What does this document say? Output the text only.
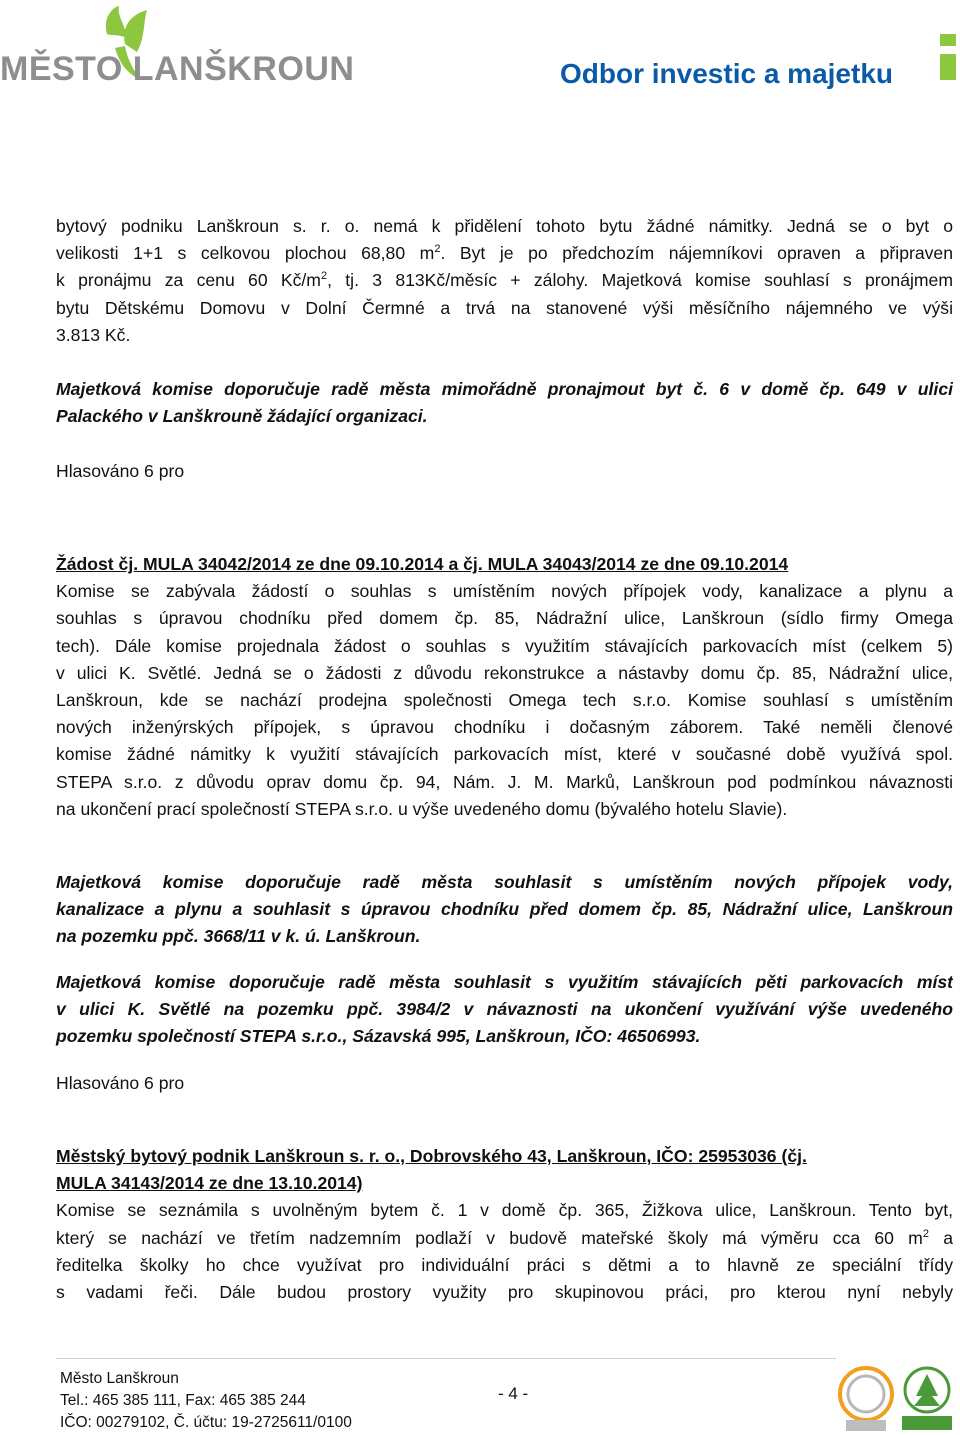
MĚSTO LANŠKROUN	Odbor investic a majetku
bytový podniku Lanškroun s. r. o. nemá k přidělení tohoto bytu žádné námitky. Jedná se o byt o
velikosti 1+1 s celkovou plochou 68,80 $m^2$. Byt je po předchozím nájemníkovi opraven a připraven
k pronájmu za cenu 60 $Kč/m^2$, tj. 3 813Kč/měsíc + zálohy. Majetková komise souhlasí s pronájmem
bytu Dětskému Domovu v Dolní Čermné a trvá na stanovené výši měsíčního nájemného ve výši
3.813 Kč.
Majetková komise doporučuje radě města mimořádně pronajmout byt č. 6 v domě čp. 649 v ulici
Palackého v Lanškrouně žádající organizaci.
Hlasováno 6 pro
Žádost čj. MULA 34042/2014 ze dne 09.10.2014 a čj. MULA 34043/2014 ze dne 09.10.2014
Komise se zabývala žádostí o souhlas s umístěním nových přípojek vody, kanalizace a plynu a
souhlas s úpravou chodníku před domem čp. 85, Nádražní ulice, Lanškroun (sídlo firmy Omega
tech). Dále komise projednala žádost o souhlas s využitím stávajících parkovacích míst (celkem 5)
v ulici K. Světlé. Jedná se o žádosti z důvodu rekonstrukce a nástavby domu čp. 85, Nádražní ulice,
Lanškroun, kde se nachází prodejna společnosti Omega tech s.r.o. Komise souhlasí s umístěním
nových inženýrských přípojek, s úpravou chodníku i dočasným záborem. Také neměli členové
komise žádné námitky k využití stávajících parkovacích míst, které v současné době využívá spol.
STEPA s.r.o. z důvodu oprav domu čp. 94, Nám. J. M. Marků, Lanškroun pod podmínkou návaznosti
na ukončení prací společností STEPA s.r.o. u výše uvedeného domu (bývalého hotelu Slavie).
Majetková komise doporučuje radě města souhlasit s umístěním nových přípojek vody,
kanalizace a plynu a souhlasit s úpravou chodníku před domem čp. 85, Nádražní ulice, Lanškroun
na pozemku ppč. 3668/11 v k. ú. Lanškroun.
Majetková komise doporučuje radě města souhlasit s využitím stávajících pěti parkovacích míst
v ulici K. Světlé na pozemku ppč. 3984/2 v návaznosti na ukončení využívání výše uvedeného
pozemku společností STEPA s.r.o., Sázavská 995, Lanškroun, IČO: 46506993.
Hlasováno 6 pro
Městský bytový podnik Lanškroun s. r. o., Dobrovského 43, Lanškroun, IČO: 25953036 (čj.
MULA 34143/2014 ze dne 13.10.2014)
Komise se seznámila s uvolněným bytem č. 1 v domě čp. 365, Žižkova ulice, Lanškroun. Tento byt,
který se nachází ve třetím nadzemním podlaží v budově mateřské školy má výměru cca 60 $m^2$ a
ředitelka školky ho chce využívat pro individuální práci s dětmi a to hlavně ze speciální třídy
s vadami řeči. Dále budou prostory využity pro skupinovou práci, pro kterou nyní nebyly
Město Lanškroun
Tel.: 465 385 111, Fax: 465 385 244
IČO: 00279102, Č. účtu: 19-2725611/0100
- 4 -
